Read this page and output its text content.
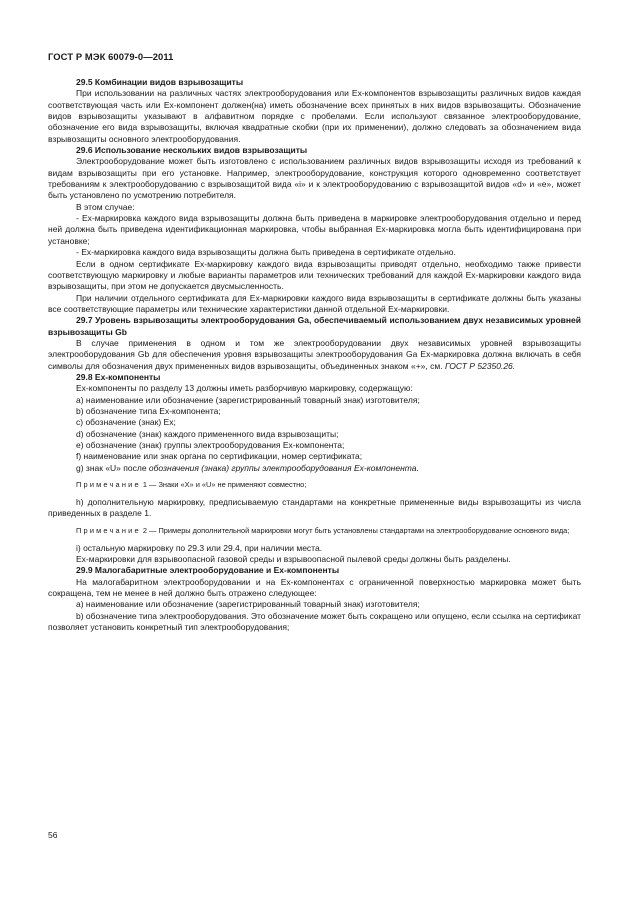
ГОСТ Р МЭК 60079-0—2011

29.5 Комбинации видов взрывозащиты

При использовании на различных частях электрооборудования или Ex-компонентов взрывозащиты различных видов каждая соответствующая часть или Ex-компонент должен(на) иметь обозначение всех принятых в них видов взрывозащиты. Обозначение видов взрывозащиты указывают в алфавитном порядке с пробелами. Если используют связанное электрооборудование, обозначение его вида взрывозащиты, включая квадратные скобки (при их применении), должно следовать за обозначением вида взрывозащиты основного электрооборудования.

29.6 Использование нескольких видов взрывозащиты

Электрооборудование может быть изготовлено с использованием различных видов взрывозащиты исходя из требований к видам взрывозащиты при его установке. Например, электрооборудование, конструкция которого одновременно соответствует требованиям к электрооборудованию с взрывозащитой вида «i» и к электрооборудованию с взрывозащитой видов «d» и «e», может быть установлено по усмотрению потребителя.

В этом случае:

- Ex-маркировка каждого вида взрывозащиты должна быть приведена в маркировке электрооборудования отдельно и перед ней должна быть приведена идентификационная маркировка, чтобы выбранная Ex-маркировка могла быть идентифицирована при установке;

- Ex-маркировка каждого вида взрывозащиты должна быть приведена в сертификате отдельно.

Если в одном сертификате Ex-маркировку каждого вида взрывозащиты приводят отдельно, необходимо также привести соответствующую маркировку и любые варианты параметров или технических требований для каждой Ex-маркировки каждого вида взрывозащиты, при этом не допускается двусмысленность.

При наличии отдельного сертификата для Ex-маркировки каждого вида взрывозащиты в сертификате должны быть указаны все соответствующие параметры или технические характеристики данной отдельной Ex-маркировки.

29.7 Уровень взрывозащиты электрооборудования Ga, обеспечиваемый использованием двух независимых уровней взрывозащиты Gb

В случае применения в одном и том же электрооборудовании двух независимых уровней взрывозащиты электрооборудования Gb для обеспечения уровня взрывозащиты электрооборудования Ga Ex-маркировка должна включать в себя символы для обозначения двух примененных видов взрывозащиты, объединенных знаком «+», см. ГОСТ Р 52350.26.

29.8 Ex-компоненты

Ex-компоненты по разделу 13 должны иметь разборчивую маркировку, содержащую:

a) наименование или обозначение (зарегистрированный товарный знак) изготовителя;

b) обозначение типа Ex-компонента;

c) обозначение (знак) Ex;

d) обозначение (знак) каждого примененного вида взрывозащиты;

e) обозначение (знак) группы электрооборудования Ex-компонента;

f) наименование или знак органа по сертификации, номер сертификата;

g) знак «U» после обозначения (знака) группы электрооборудования Ex-компонента.

Примечание 1 — Знаки «X» и «U» не применяют совместно;

h) дополнительную маркировку, предписываемую стандартами на конкретные примененные виды взрывозащиты из числа приведенных в разделе 1.

Примечание 2 — Примеры дополнительной маркировки могут быть установлены стандартами на электрооборудование основного вида;

i) остальную маркировку по 29.3 или 29.4, при наличии места.

Ex-маркировки для взрывоопасной газовой среды и взрывоопасной пылевой среды должны быть разделены.

29.9 Малогабаритные электрооборудование и Ex-компоненты

На малогабаритном электрооборудовании и на Ex-компонентах с ограниченной поверхностью маркировка может быть сокращена, тем не менее в ней должно быть отражено следующее:

a) наименование или обозначение (зарегистрированный товарный знак) изготовителя;

b) обозначение типа электрооборудования. Это обозначение может быть сокращено или опущено, если ссылка на сертификат позволяет установить конкретный тип электрооборудования;

56
